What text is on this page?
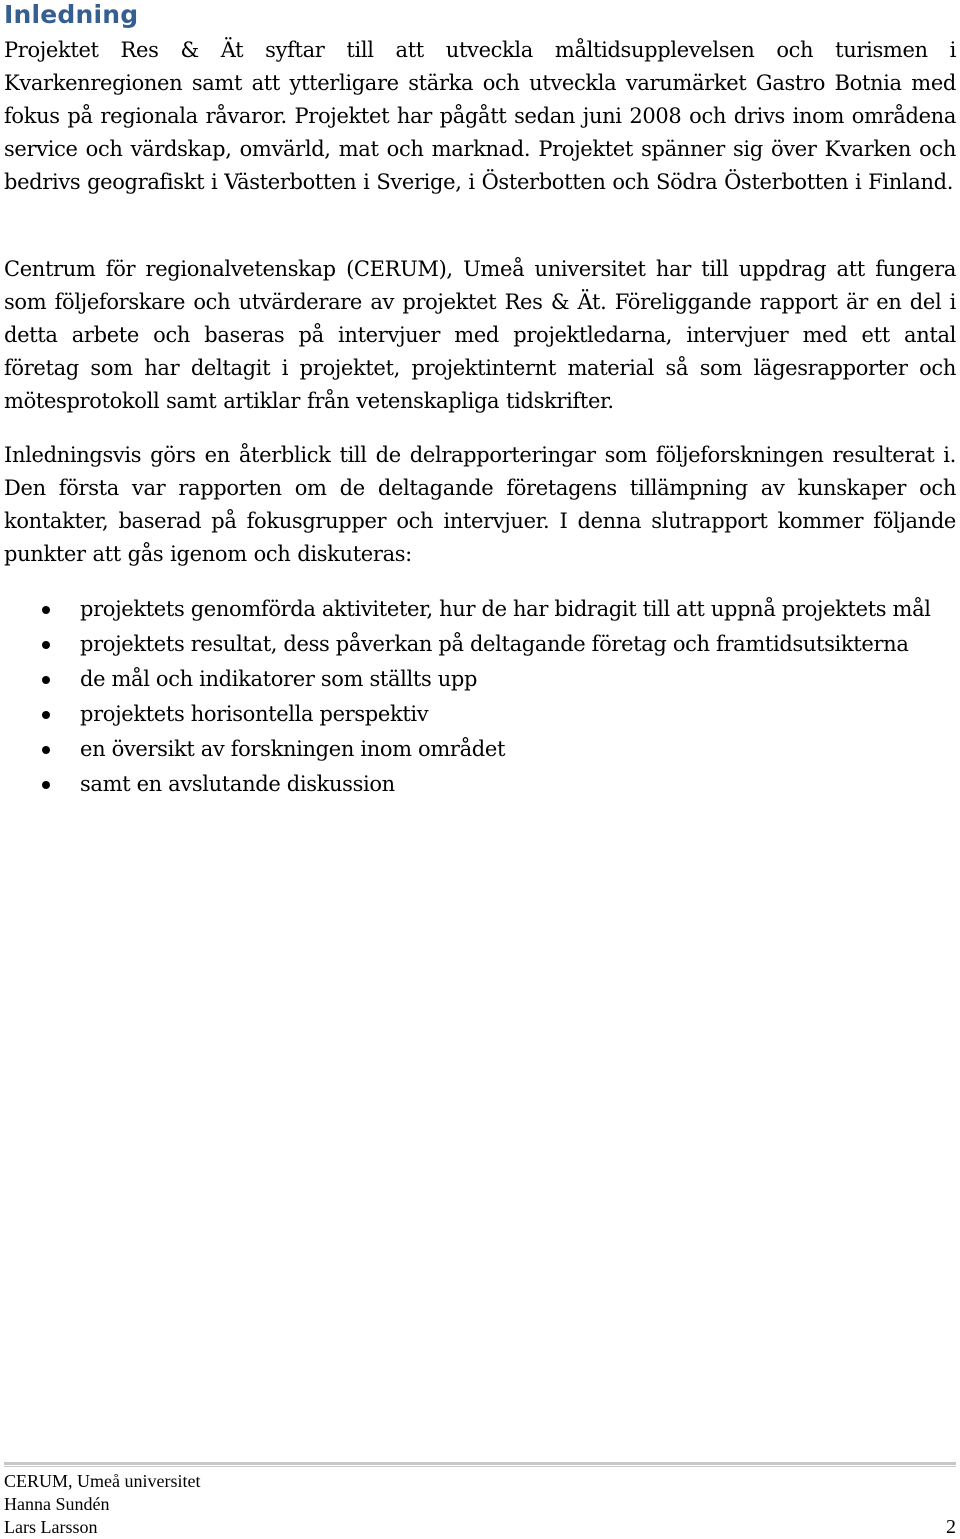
Inledning

Projektet Res & Ät syftar till att utveckla måltidsupplevelsen och turismen i Kvarkenregionen samt att ytterligare stärka och utveckla varumärket Gastro Botnia med fokus på regionala råvaror. Projektet har pågått sedan juni 2008 och drivs inom områdena service och värdskap, omvärld, mat och marknad. Projektet spänner sig över Kvarken och bedrivs geografiskt i Västerbotten i Sverige, i Österbotten och Södra Österbotten i Finland.

Centrum för regionalvetenskap (CERUM), Umeå universitet har till uppdrag att fungera som följeforskare och utvärderare av projektet Res & Ät. Föreliggande rapport är en del i detta arbete och baseras på intervjuer med projektledarna, intervjuer med ett antal företag som har deltagit i projektet, projektinternt material så som lägesrapporter och mötesprotokoll samt artiklar från vetenskapliga tidskrifter.

Inledningsvis görs en återblick till de delrapporteringar som följeforskningen resulterat i. Den första var rapporten om de deltagande företagens tillämpning av kunskaper och kontakter, baserad på fokusgrupper och intervjuer. I denna slutrapport kommer följande punkter att gås igenom och diskuteras:

projektets genomförda aktiviteter, hur de har bidragit till att uppnå projektets mål
projektets resultat, dess påverkan på deltagande företag och framtidsutsikterna
de mål och indikatorer som ställts upp
projektets horisontella perspektiv
en översikt av forskningen inom området
samt en avslutande diskussion
CERUM, Umeå universitet
Hanna Sundén
Lars Larsson	2
